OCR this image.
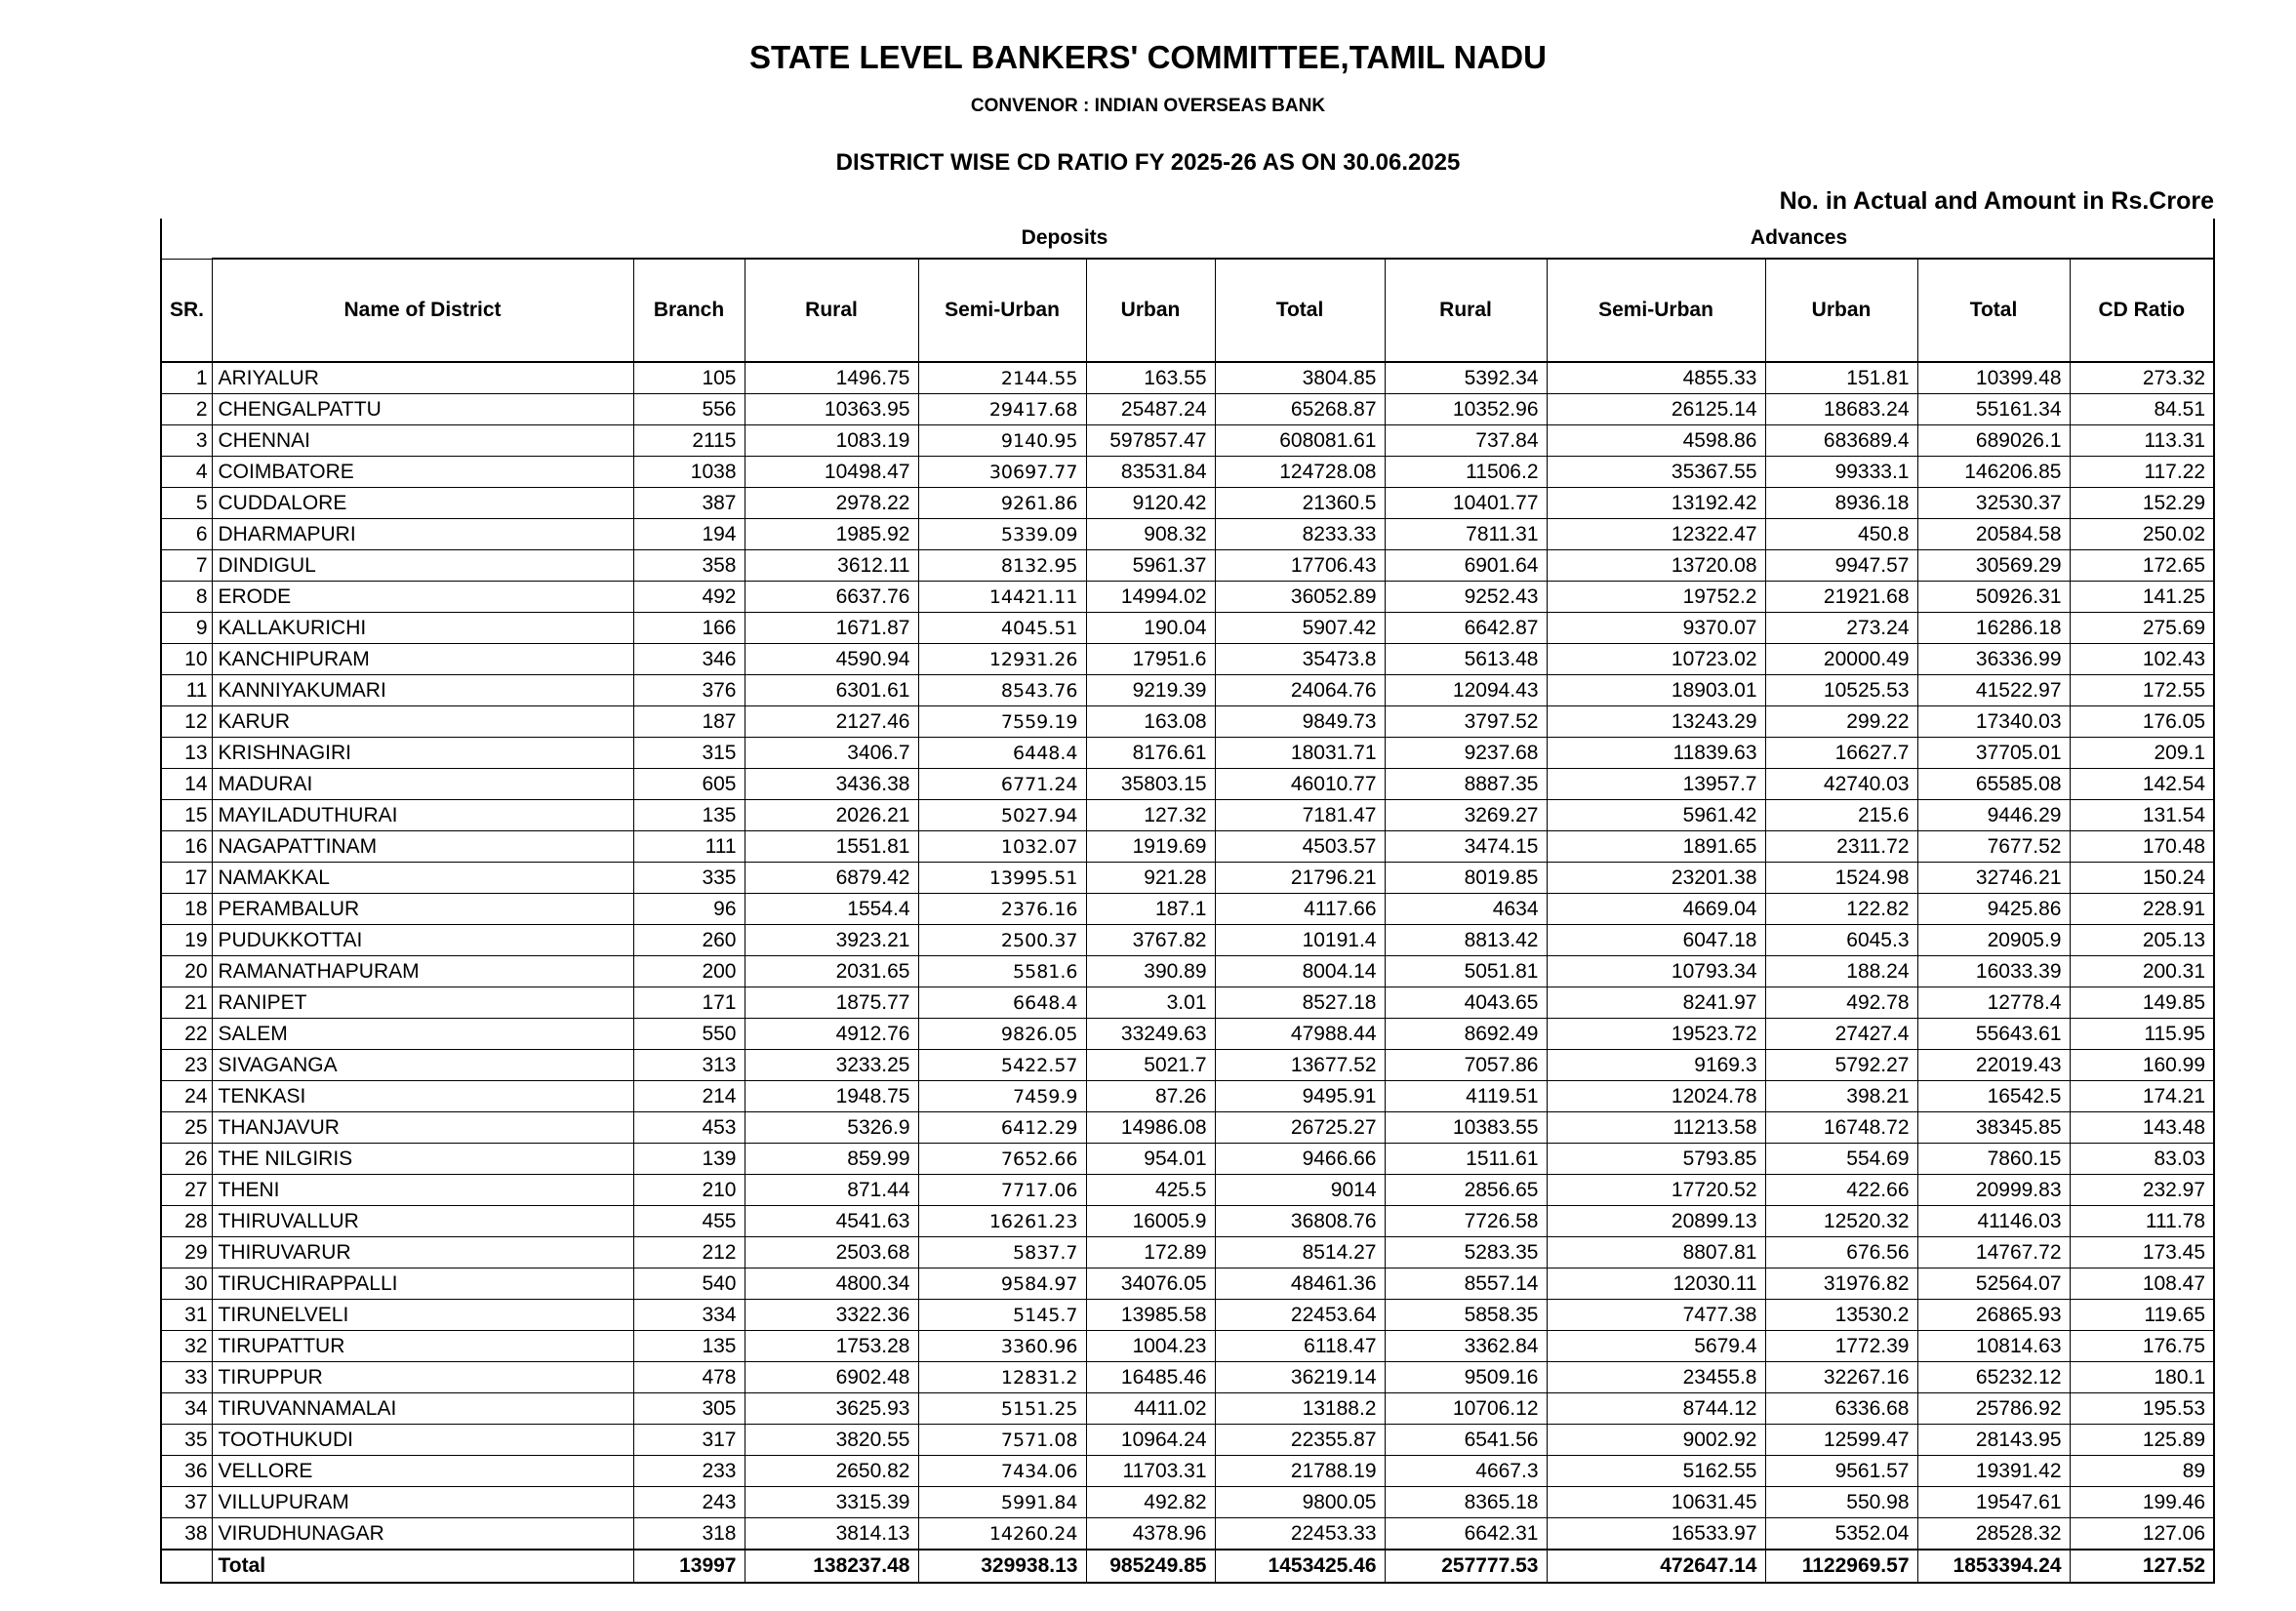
STATE LEVEL BANKERS' COMMITTEE,TAMIL NADU
CONVENOR : INDIAN OVERSEAS BANK
DISTRICT WISE CD RATIO FY 2025-26 AS ON 30.06.2025
No. in Actual and Amount in Rs.Crore
			Deposits				Advances				
SR.	Name of District	Branch	Rural	Semi-Urban	Urban	Total	Rural	Semi-Urban	Urban	Total	CD Ratio
1	ARIYALUR	105	1496.75	2144.55	163.55	3804.85	5392.34	4855.33	151.81	10399.48	273.32
2	CHENGALPATTU	556	10363.95	29417.68	25487.24	65268.87	10352.96	26125.14	18683.24	55161.34	84.51
3	CHENNAI	2115	1083.19	9140.95	597857.47	608081.61	737.84	4598.86	683689.4	689026.1	113.31
4	COIMBATORE	1038	10498.47	30697.77	83531.84	124728.08	11506.2	35367.55	99333.1	146206.85	117.22
5	CUDDALORE	387	2978.22	9261.86	9120.42	21360.5	10401.77	13192.42	8936.18	32530.37	152.29
6	DHARMAPURI	194	1985.92	5339.09	908.32	8233.33	7811.31	12322.47	450.8	20584.58	250.02
7	DINDIGUL	358	3612.11	8132.95	5961.37	17706.43	6901.64	13720.08	9947.57	30569.29	172.65
8	ERODE	492	6637.76	14421.11	14994.02	36052.89	9252.43	19752.2	21921.68	50926.31	141.25
9	KALLAKURICHI	166	1671.87	4045.51	190.04	5907.42	6642.87	9370.07	273.24	16286.18	275.69
10	KANCHIPURAM	346	4590.94	12931.26	17951.6	35473.8	5613.48	10723.02	20000.49	36336.99	102.43
11	KANNIYAKUMARI	376	6301.61	8543.76	9219.39	24064.76	12094.43	18903.01	10525.53	41522.97	172.55
12	KARUR	187	2127.46	7559.19	163.08	9849.73	3797.52	13243.29	299.22	17340.03	176.05
13	KRISHNAGIRI	315	3406.7	6448.4	8176.61	18031.71	9237.68	11839.63	16627.7	37705.01	209.1
14	MADURAI	605	3436.38	6771.24	35803.15	46010.77	8887.35	13957.7	42740.03	65585.08	142.54
15	MAYILADUTHURAI	135	2026.21	5027.94	127.32	7181.47	3269.27	5961.42	215.6	9446.29	131.54
16	NAGAPATTINAM	111	1551.81	1032.07	1919.69	4503.57	3474.15	1891.65	2311.72	7677.52	170.48
17	NAMAKKAL	335	6879.42	13995.51	921.28	21796.21	8019.85	23201.38	1524.98	32746.21	150.24
18	PERAMBALUR	96	1554.4	2376.16	187.1	4117.66	4634	4669.04	122.82	9425.86	228.91
19	PUDUKKOTTAI	260	3923.21	2500.37	3767.82	10191.4	8813.42	6047.18	6045.3	20905.9	205.13
20	RAMANATHAPURAM	200	2031.65	5581.6	390.89	8004.14	5051.81	10793.34	188.24	16033.39	200.31
21	RANIPET	171	1875.77	6648.4	3.01	8527.18	4043.65	8241.97	492.78	12778.4	149.85
22	SALEM	550	4912.76	9826.05	33249.63	47988.44	8692.49	19523.72	27427.4	55643.61	115.95
23	SIVAGANGA	313	3233.25	5422.57	5021.7	13677.52	7057.86	9169.3	5792.27	22019.43	160.99
24	TENKASI	214	1948.75	7459.9	87.26	9495.91	4119.51	12024.78	398.21	16542.5	174.21
25	THANJAVUR	453	5326.9	6412.29	14986.08	26725.27	10383.55	11213.58	16748.72	38345.85	143.48
26	THE NILGIRIS	139	859.99	7652.66	954.01	9466.66	1511.61	5793.85	554.69	7860.15	83.03
27	THENI	210	871.44	7717.06	425.5	9014	2856.65	17720.52	422.66	20999.83	232.97
28	THIRUVALLUR	455	4541.63	16261.23	16005.9	36808.76	7726.58	20899.13	12520.32	41146.03	111.78
29	THIRUVARUR	212	2503.68	5837.7	172.89	8514.27	5283.35	8807.81	676.56	14767.72	173.45
30	TIRUCHIRAPPALLI	540	4800.34	9584.97	34076.05	48461.36	8557.14	12030.11	31976.82	52564.07	108.47
31	TIRUNELVELI	334	3322.36	5145.7	13985.58	22453.64	5858.35	7477.38	13530.2	26865.93	119.65
32	TIRUPATTUR	135	1753.28	3360.96	1004.23	6118.47	3362.84	5679.4	1772.39	10814.63	176.75
33	TIRUPPUR	478	6902.48	12831.2	16485.46	36219.14	9509.16	23455.8	32267.16	65232.12	180.1
34	TIRUVANNAMALAI	305	3625.93	5151.25	4411.02	13188.2	10706.12	8744.12	6336.68	25786.92	195.53
35	TOOTHUKUDI	317	3820.55	7571.08	10964.24	22355.87	6541.56	9002.92	12599.47	28143.95	125.89
36	VELLORE	233	2650.82	7434.06	11703.31	21788.19	4667.3	5162.55	9561.57	19391.42	89
37	VILLUPURAM	243	3315.39	5991.84	492.82	9800.05	8365.18	10631.45	550.98	19547.61	199.46
38	VIRUDHUNAGAR	318	3814.13	14260.24	4378.96	22453.33	6642.31	16533.97	5352.04	28528.32	127.06
	Total	13997	138237.48	329938.13	985249.85	1453425.46	257777.53	472647.14	1122969.57	1853394.24	127.52
